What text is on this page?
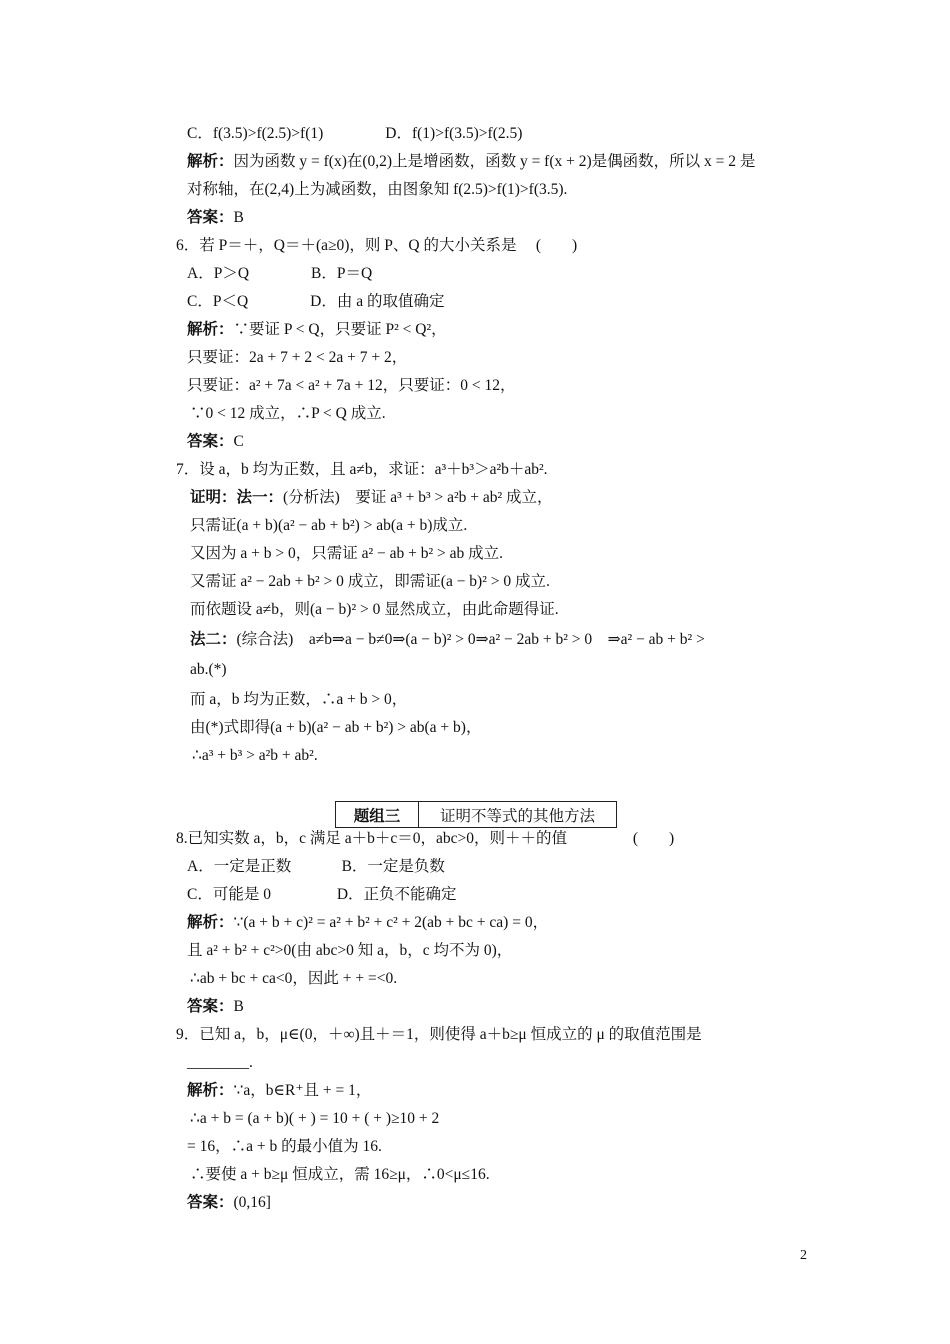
C．f(3.5)>f(2.5)>f(1)　　　　D．f(1)>f(3.5)>f(2.5)
解析：因为函数 y = f(x)在(0,2)上是增函数，函数 y = f(x + 2)是偶函数，所以 x = 2 是
对称轴，在(2,4)上为减函数，由图象知 f(2.5)>f(1)>f(3.5).
答案：B
6．若 P＝＋，Q＝＋(a≥0)，则 P、Q 的大小关系是　 (　　)
A．P＞Q　　　　B．P＝Q
C．P＜Q　　　　D．由 a 的取值确定
解析：∵要证 P < Q，只要证 P² < Q²，
只要证：2a + 7 + 2 < 2a + 7 + 2，
只要证：a² + 7a < a² + 7a + 12，只要证：0 < 12，
∵0 < 12 成立，∴P < Q 成立.
答案：C
7．设 a，b 均为正数，且 a≠b，求证：a³＋b³＞a²b＋ab².
证明：法一：(分析法)　要证 a³ + b³ > a²b + ab² 成立，
只需证(a + b)(a² − ab + b²) > ab(a + b)成立.
又因为 a + b > 0，只需证 a² − ab + b² > ab 成立.
又需证 a² − 2ab + b² > 0 成立，即需证(a − b)² > 0 成立.
而依题设 a≠b，则(a − b)² > 0 显然成立，由此命题得证.
法二：(综合法)　a≠b⇒a − b≠0⇒(a − b)² > 0⇒a² − 2ab + b² > 0　⇒a² − ab + b² >
ab.(*)
而 a，b 均为正数，∴a + b > 0，
由(*)式即得(a + b)(a² − ab + b²) > ab(a + b)，
∴a³ + b³ > a²b + ab².
题组三	证明不等式的其他方法
8.已知实数 a，b，c 满足 a＋b＋c＝0，abc>0，则＋＋的值　　　　 (　　)
A．一定是正数　　　 B．一定是负数
C．可能是 0　　　　 D．正负不能确定
解析：∵(a + b + c)² = a² + b² + c² + 2(ab + bc + ca) = 0，
且 a² + b² + c²>0(由 abc>0 知 a，b，c 均不为 0)，
∴ab + bc + ca<0，因此 + + =<0.
答案：B
9．已知 a，b，μ∈(0，＋∞)且＋＝1，则使得 a＋b≥μ 恒成立的 μ 的取值范围是
________.
解析：∵a，b∈R⁺且 + = 1，
∴a + b = (a + b)( + ) = 10 + ( + )≥10 + 2
= 16，∴a + b 的最小值为 16.
∴要使 a + b≥μ 恒成立，需 16≥μ，∴0<μ≤16.
答案：(0,16]
2
